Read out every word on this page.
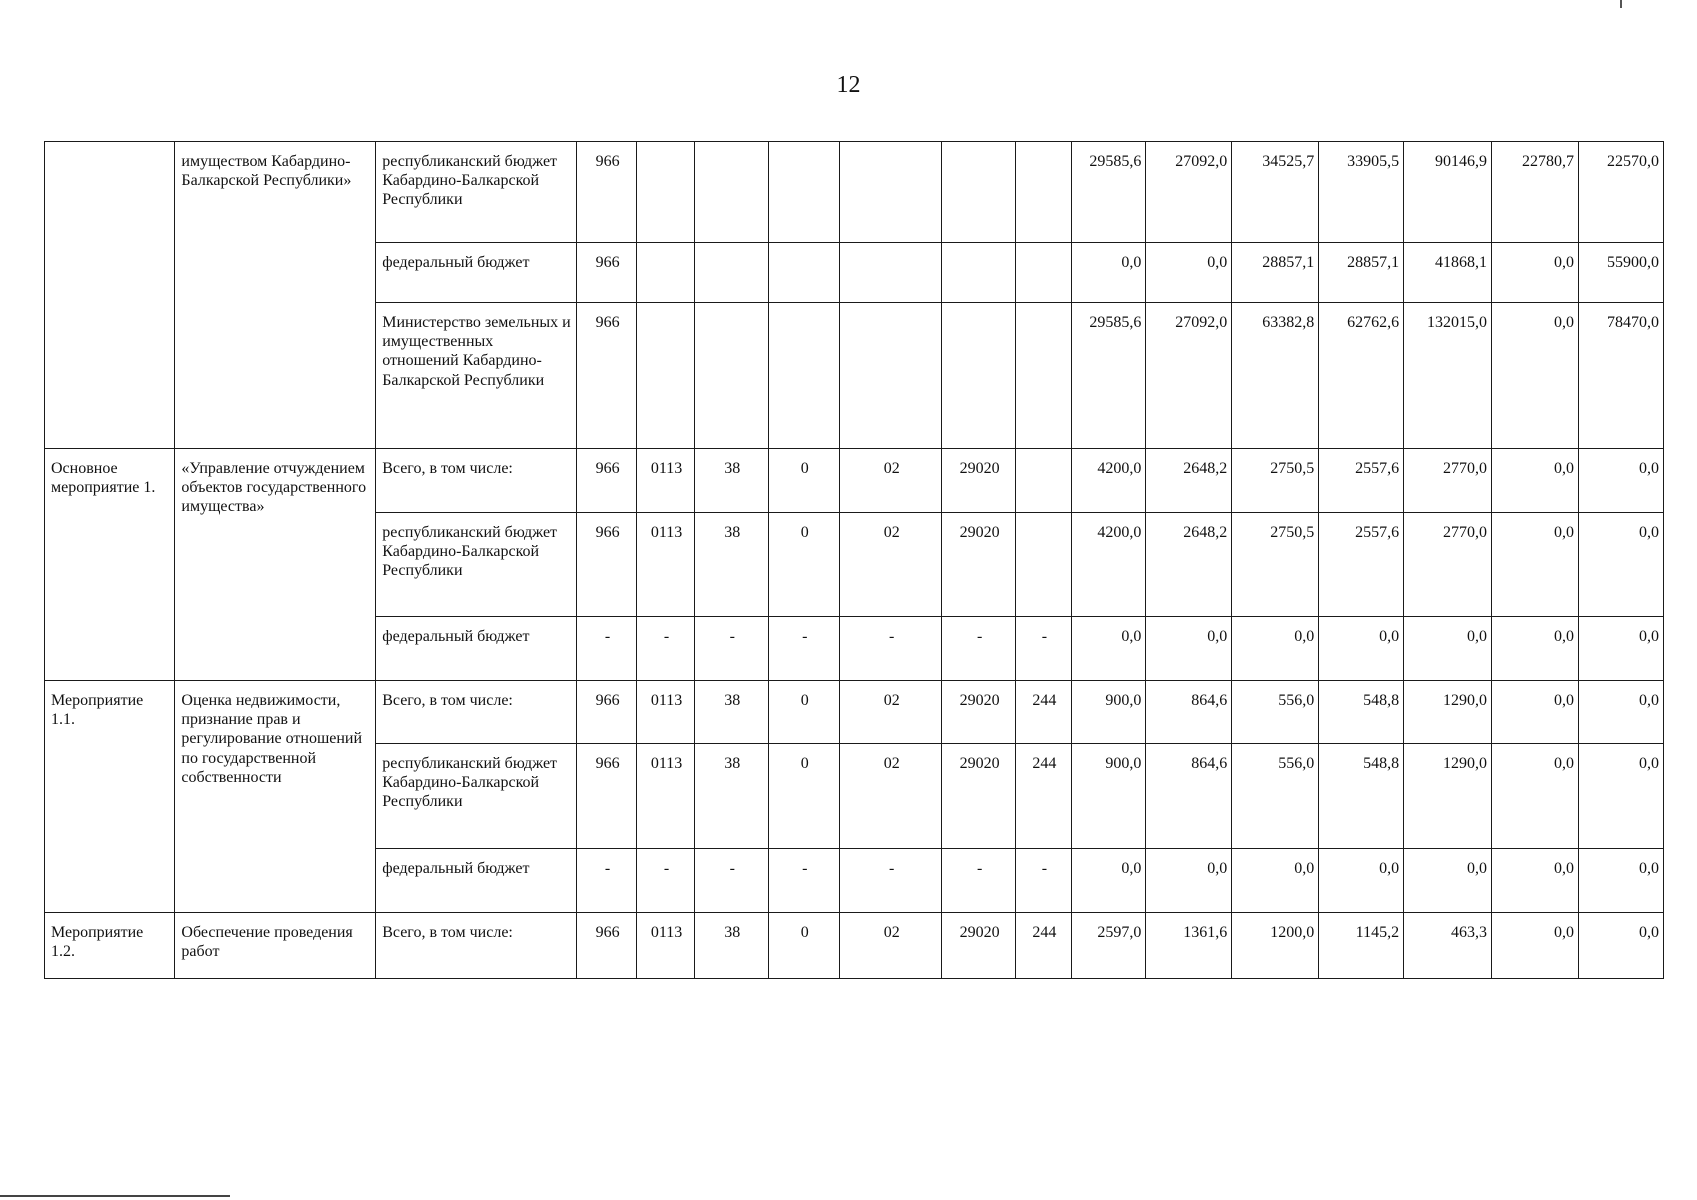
12
	имуществом Кабардино-Балкарской Республики»	республиканский бюджет Кабардино-Балкарской Республики	966							29585,6	27092,0	34525,7	33905,5	90146,9	22780,7	22570,0
		федеральный бюджет	966							0,0	0,0	28857,1	28857,1	41868,1	0,0	55900,0
		Министерство земельных и имущественных отношений Кабардино-Балкарской Республики	966							29585,6	27092,0	63382,8	62762,6	132015,0	0,0	78470,0
Основное мероприятие 1.	«Управление отчуждением объектов государственного имущества»	Всего, в том числе:	966	0113	38	0	02	29020		4200,0	2648,2	2750,5	2557,6	2770,0	0,0	0,0
		республиканский бюджет Кабардино-Балкарской Республики	966	0113	38	0	02	29020		4200,0	2648,2	2750,5	2557,6	2770,0	0,0	0,0
		федеральный бюджет	-	-	-	-	-	-	-	0,0	0,0	0,0	0,0	0,0	0,0	0,0
Мероприятие 1.1.	Оценка недвижимости, признание прав и регулирование отношений по государственной собственности	Всего, в том числе:	966	0113	38	0	02	29020	244	900,0	864,6	556,0	548,8	1290,0	0,0	0,0
		республиканский бюджет Кабардино-Балкарской Республики	966	0113	38	0	02	29020	244	900,0	864,6	556,0	548,8	1290,0	0,0	0,0
		федеральный бюджет	-	-	-	-	-	-	-	0,0	0,0	0,0	0,0	0,0	0,0	0,0
Мероприятие 1.2.	Обеспечение проведения работ	Всего, в том числе:	966	0113	38	0	02	29020	244	2597,0	1361,6	1200,0	1145,2	463,3	0,0	0,0
